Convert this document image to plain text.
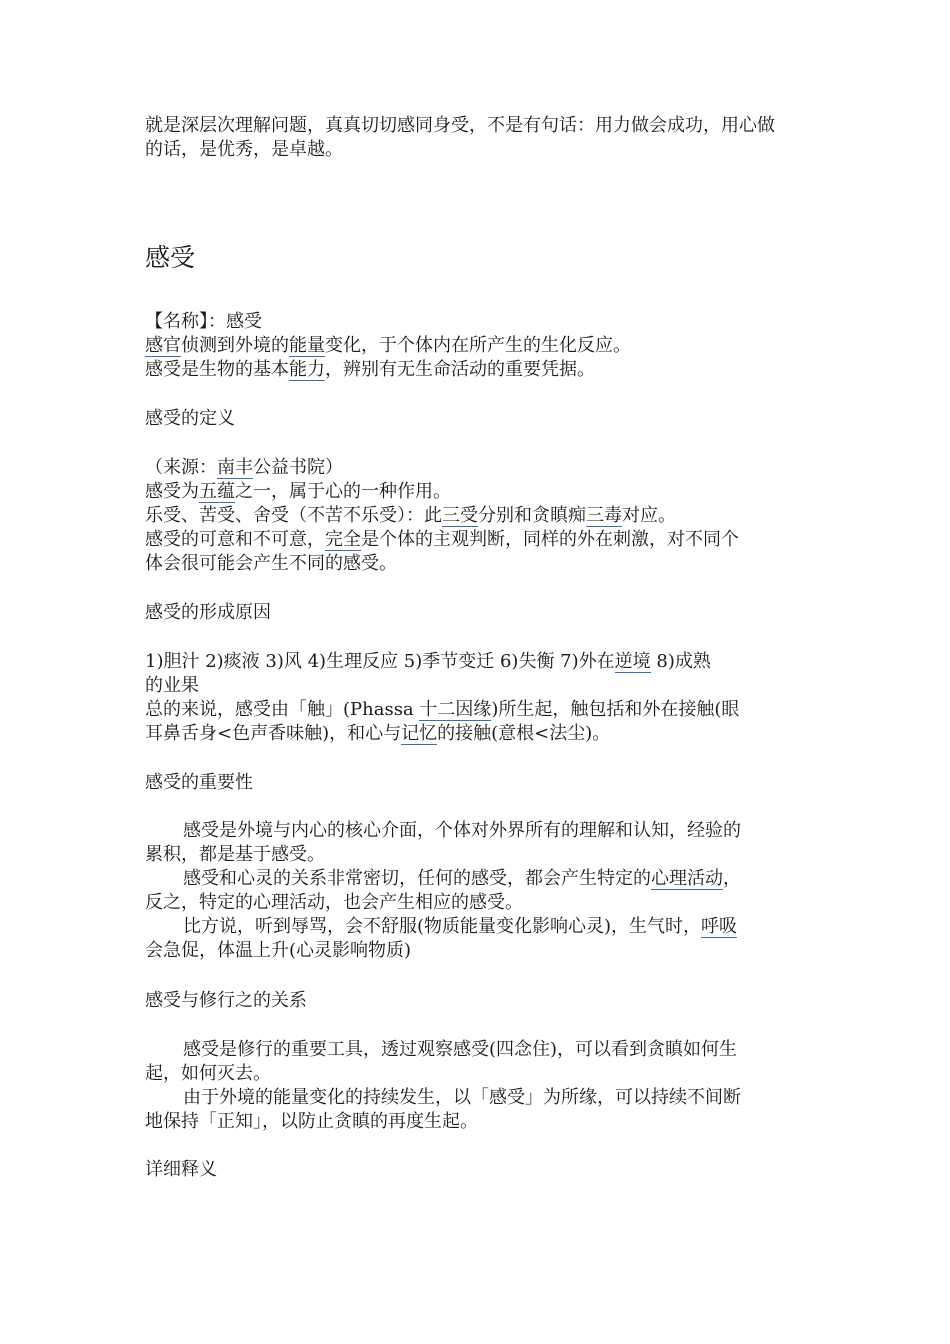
就是深层次理解问题，真真切切感同身受，不是有句话：用力做会成功，用心做
的话，是优秀，是卓越。
感受
【名称】：感受
感官侦测到外境的能量变化，于个体内在所产生的生化反应。
感受是生物的基本能力，辨别有无生命活动的重要凭据。
感受的定义
（来源：南丰公益书院）
感受为五蕴之一，属于心的一种作用。
乐受、苦受、舍受（不苦不乐受）：此三受分别和贪瞋痴三毒对应。
感受的可意和不可意，完全是个体的主观判断，同样的外在刺激，对不同个
体会很可能会产生不同的感受。
感受的形成原因
1)胆汁 2)痰液 3)风 4)生理反应 5)季节变迁 6)失衡 7)外在逆境 8)成熟
的业果
总的来说，感受由「触」(Phassa 十二因缘)所生起，触包括和外在接触(眼
耳鼻舌身<色声香味触)，和心与记忆的接触(意根<法尘)。
感受的重要性
感受是外境与内心的核心介面，个体对外界所有的理解和认知，经验的
累积，都是基于感受。
感受和心灵的关系非常密切，任何的感受，都会产生特定的心理活动，
反之，特定的心理活动，也会产生相应的感受。
比方说，听到辱骂，会不舒服(物质能量变化影响心灵)，生气时，呼吸
会急促，体温上升(心灵影响物质)
感受与修行之的关系
感受是修行的重要工具，透过观察感受(四念住)，可以看到贪瞋如何生
起，如何灭去。
由于外境的能量变化的持续发生，以「感受」为所缘，可以持续不间断
地保持「正知」，以防止贪瞋的再度生起。
详细释义
